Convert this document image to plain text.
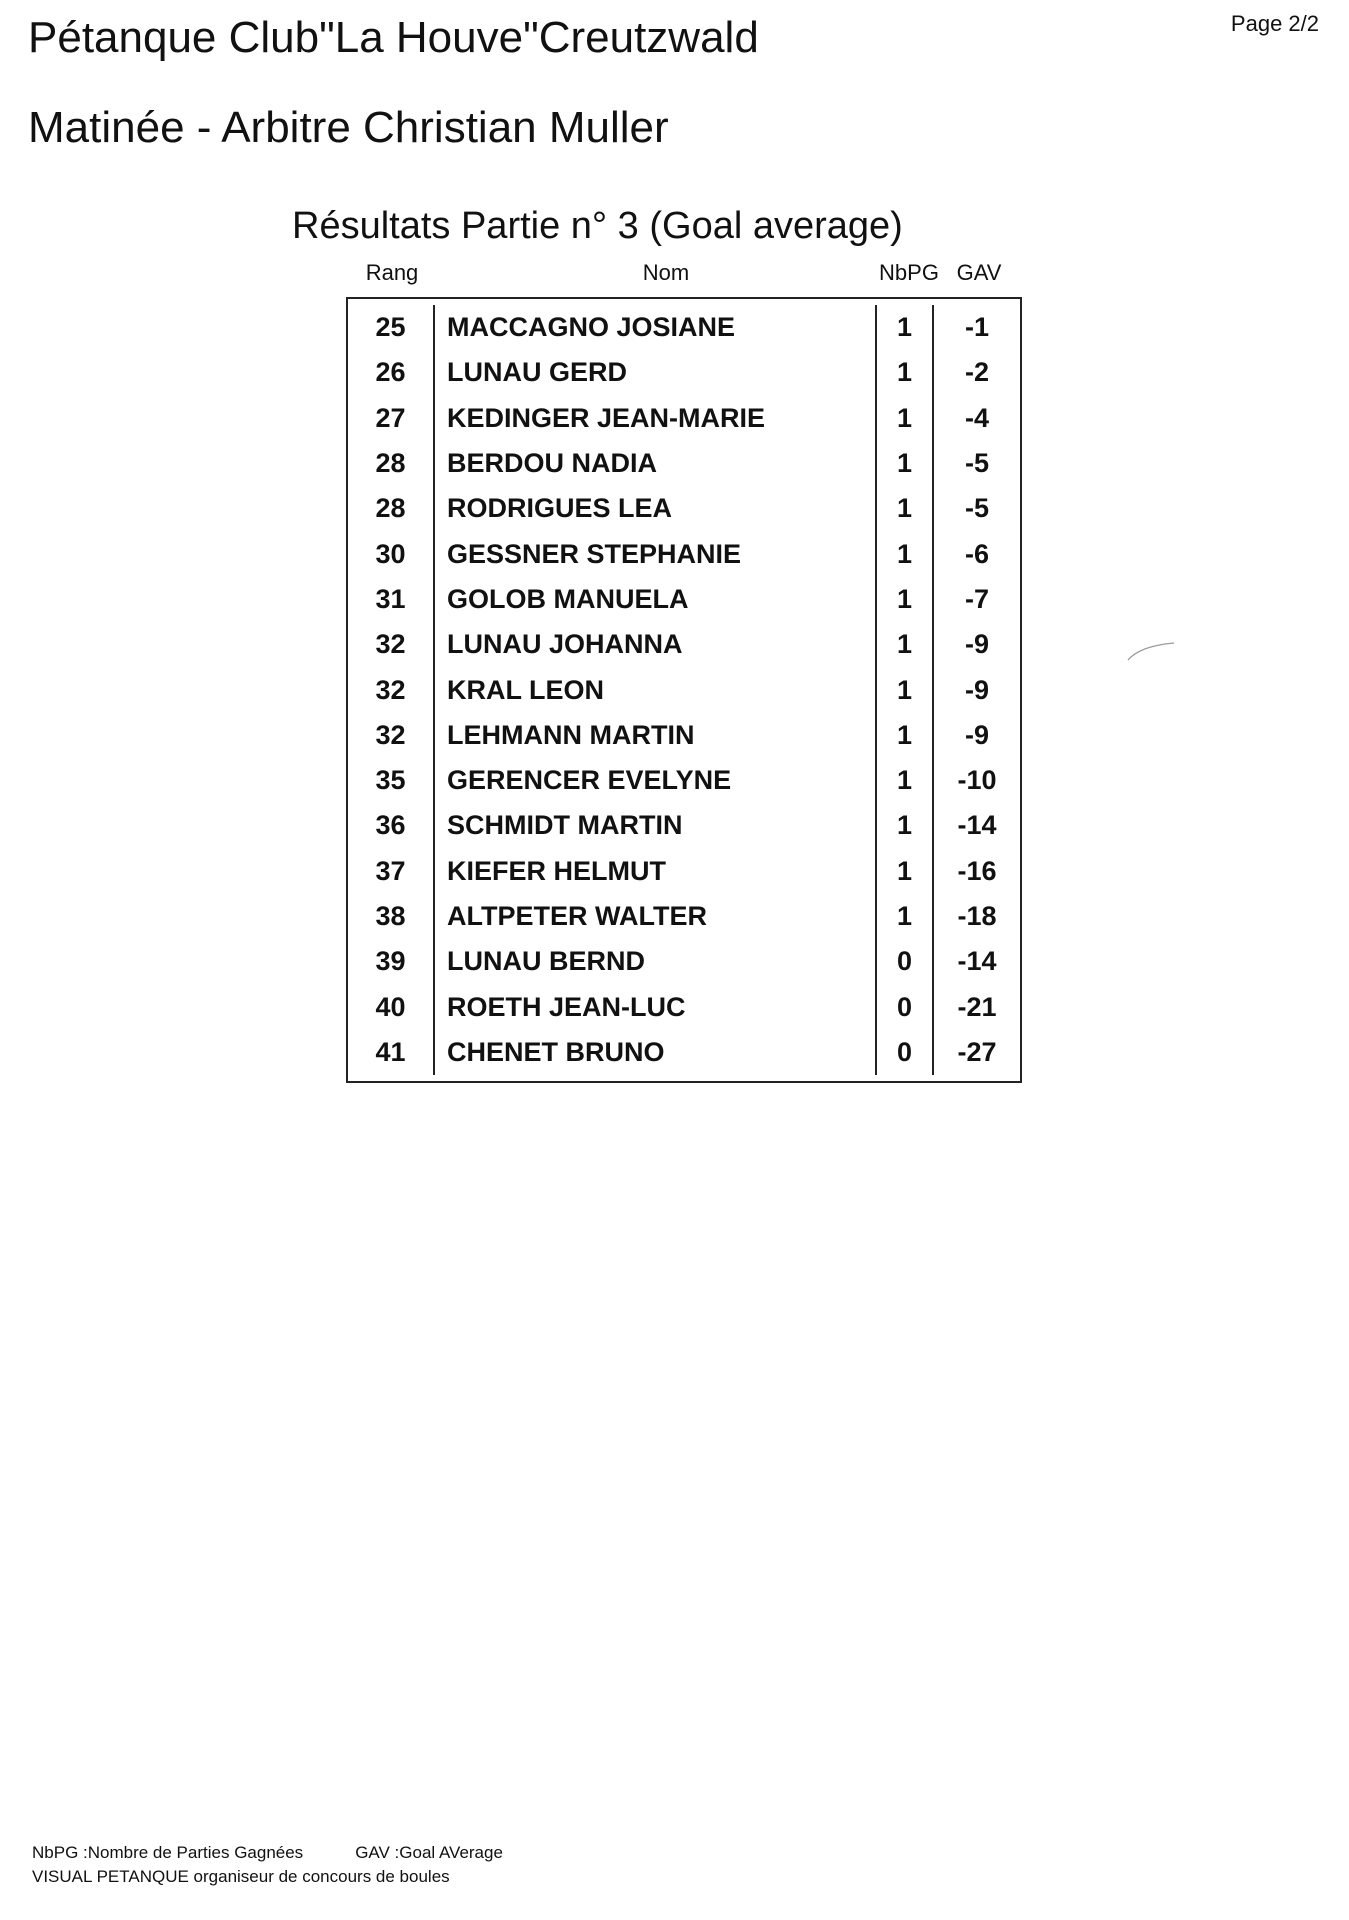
Pétanque Club"La Houve"Creutzwald	Page 2/2
Matinée - Arbitre Christian Muller
Résultats Partie n° 3 (Goal average)
Rang	Nom	NbPG GAV
25	MACCAGNO JOSIANE	1	-1
26	LUNAU GERD	1	-2
27	KEDINGER JEAN-MARIE	1	-4
28	BERDOU NADIA	1	-5
28	RODRIGUES LEA	1	-5
30	GESSNER STEPHANIE	1	-6
31	GOLOB MANUELA	1	-7
32	LUNAU JOHANNA	1	-9
32	KRAL LEON	1	-9
32	LEHMANN MARTIN	1	-9
35	GERENCER EVELYNE	1	-10
36	SCHMIDT MARTIN	1	-14
37	KIEFER HELMUT	1	-16
38	ALTPETER WALTER	1	-18
39	LUNAU BERND	0	-14
40	ROETH JEAN-LUC	0	-21
41	CHENET BRUNO	0	-27
NbPG :Nombre de Parties Gagnées	GAV :Goal AVerage
VISUAL PETANQUE organiseur de concours de boules
